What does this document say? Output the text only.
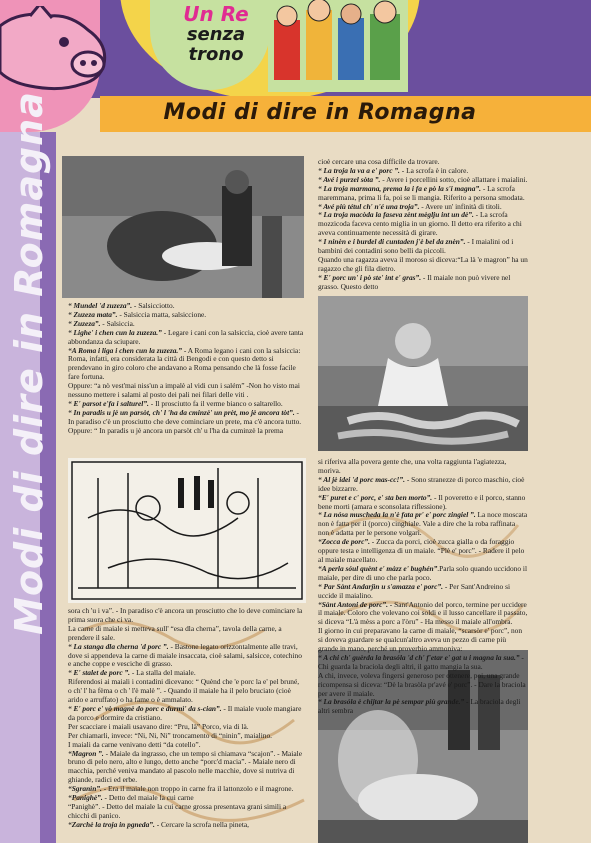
Un Re
senza
trono
Modi di dire in Romagna
Modi di dire in Romagna “ Mundel 'd zuzeza”. - Salsicciotto.

“ Zuzeza mata”. - Salsiccia matta, salsiccione.

“ Zuzeza”. - Salsiccia.

“ Lighe' i chen cun la zuzeza.” - Legare i cani con la salsiccia, cioè avere tanta abbondanza da sciupare.

“A Roma i liga i chen cun la zuzeza.” - A Roma legano i cani con la salsiccia: Roma, infatti, era considerata la città di Bengodi e con questo detto si prendevano in giro coloro che andavano a Roma pensando che là fosse facile fare fortuna.

Oppure: “a nò vest'mai niss'un a impalè al vidi cun i salém” -Non ho visto mai nessuno mettere i salami al posto dei pali nei filari delle viti .

“ E' parsot e'fa i salturel”. - Il prosciutto fa il verme bianco o saltarello.

“ In paradis u jè un parsòt, ch' l 'ha da cminzè' un prèt, mo jè ancora tòt”. - In paradiso c'è un prosciutto che deve cominciare un prete, ma c'è ancora tutto.

Oppure: “ In paradis u jè ancora un parsòt ch' u l'ha da cuminzè la prema

sora ch 'u i va”. - In paradiso c'è ancora un prosciutto che lo deve cominciare la prima suora che ci va.

La carne di maiale si metteva sull' “esa dla cherna”, tavola della carne, a prendere il sale.

“ La stanga dla cherna 'd porc ”. - Bastone legato orizzontalmente alle travi, dove si appendeva la carne di maiale insaccata, cioè salami, salsicce, cotechino e anche coppe e vesciche di grasso.

“ E' stalet de porc ”. - La stalla del maiale.

Riferendosi ai maiali i contadini dicevano: “ Quènd che 'e porc la e' pel bruné, o ch' l' ha fèma o ch ' l'è malè ”. - Quando il maiale ha il pelo bruciato (cioè arido e arruffato) o ha fame o è ammalato.

“ E' porc e' vò magnè do porc e durmì' da s-cian”. - Il maiale vuole mangiare da porco e dormire da cristiano.

Per scacciare i maiali usavano dire: “Pru, là” Porco, via di là.

Per chiamarli, invece: “Ni, Ni, Ni” troncamento di “ninin”, maialino.

I maiali da carne venivano detti “da cotello”.

“Magron ”. - Maiale da ingrasso, che un tempo si chiamava “scajon”. - Maiale bruno di pelo nero, alto e lungo, detto anche “porc'd macia”. - Maiale nero di macchia, perché veniva mandato al pascolo nelle macchie, dove si nutriva di ghiande, radici ed erbe.

“Sgranìn”. - Era il maiale non troppo in carne fra il lattonzolo e il magrone.

“Panighè”. - Detto del maiale la cui carne

“Panighè”. - Detto del maiale la cui carne grossa presentava grani simili a chicchi di panìco.

“Zarchè la troja in pgneda”. - Cercare la scrofa nella pineta,

cioè cercare una cosa difficile da trovare.

“ La troja la va a e' porc ”. - La scrofa è in calore.

“ Avé i purzel sòta ”. - Avere i porcellini sotto, cioè allattare i maialini.

“ La troja marmana, prema la i fa e pò la s'i magna”. - La scrofa maremmana, prima li fa, poi se li mangia. Riferito a persona smodata.

“ Avé più tétul ch' n'é una troja”. - Avere un' infinità di titoli.

“ La troja macòda la faseva zènt mèglju int un dè”. - La scrofa mozzicoda faceva cento miglia in un giorno. Il detto era riferito a chi aveva continuamente necessità di girare.

“ I ninèn e i burdel di cuntaden j'è bel da znèn”. - I maialini od i bambini dei contadini sono belli da piccoli.

Quando una ragazza aveva il moroso si diceva:“La là 'e magron” ha un ragazzo che gli fila dietro.

“ E' porc un' i pò ste' int e' gras”. - Il maiale non può vivere nel grasso. Questo detto

si riferiva alla povera gente che, una volta raggiunta l'agiatezza, moriva.

“ Al jè idei 'd porc mas-cc!”. - Sono stranezze di porco maschio, cioè idee bizzarre.

“E' puret e c' porc, e' sta ben morto”. - Il poveretto e il porco, stanno bene morti (amara e sconsolata riflessione).

“ La nósa muscheda la n'è fata pr' e' porc zingiel ”. La noce moscata non è fatta per il (porco) cinghiale. Vale a dire che la roba raffinata non è adatta per le persone volgari.

“Zocca de porc”. - Zucca da porci, cioè zucca gialla o da foraggio oppure testa e intelligenza di un maiale. “Plè e' porc”. - Radere il pelo al maiale macellato.

“A perla sóul quènt e' màzz e' bughén”.Parla solo quando uccidono il maiale, per dire di uno che parla poco.

“ Par Sànt Andarjìn u s'amazza e' porc”. - Per Sant'Andreino si uccide il maialino.

“Sànt Antoni de porc”. - Sant'Antonio del porco, termine per uccidere il maiale. Coloro che volevano coi soldi e il lusso cancellare il passato, si diceva “L'à mèss a porc a l'òru” - Ha messo il maiale all'ombra.

Il giorno in cui preparavano la carne di maiale, “scarsòr e' porc”, non si doveva guardare se qualcun'altro aveva un pezzo di carne più grande in mano, perché un proverbio ammoniva:

“ A chi ch' guèrda la brasóla 'd ch' f'etar e' gat u i magna la sua.” - Chi guarda la braciola degli altri, il gatto mangia la sua.

A chi, invece, voleva fingersi generoso per ottenere, poi, una grande ricompensa si diceva: “Dè la brasòla pr'avé e' porc”. - Dare la braciola per avere il maiale.

“ La brasóla è chijtar la pè sempar più grande.” - La braciola degli altri sembra
